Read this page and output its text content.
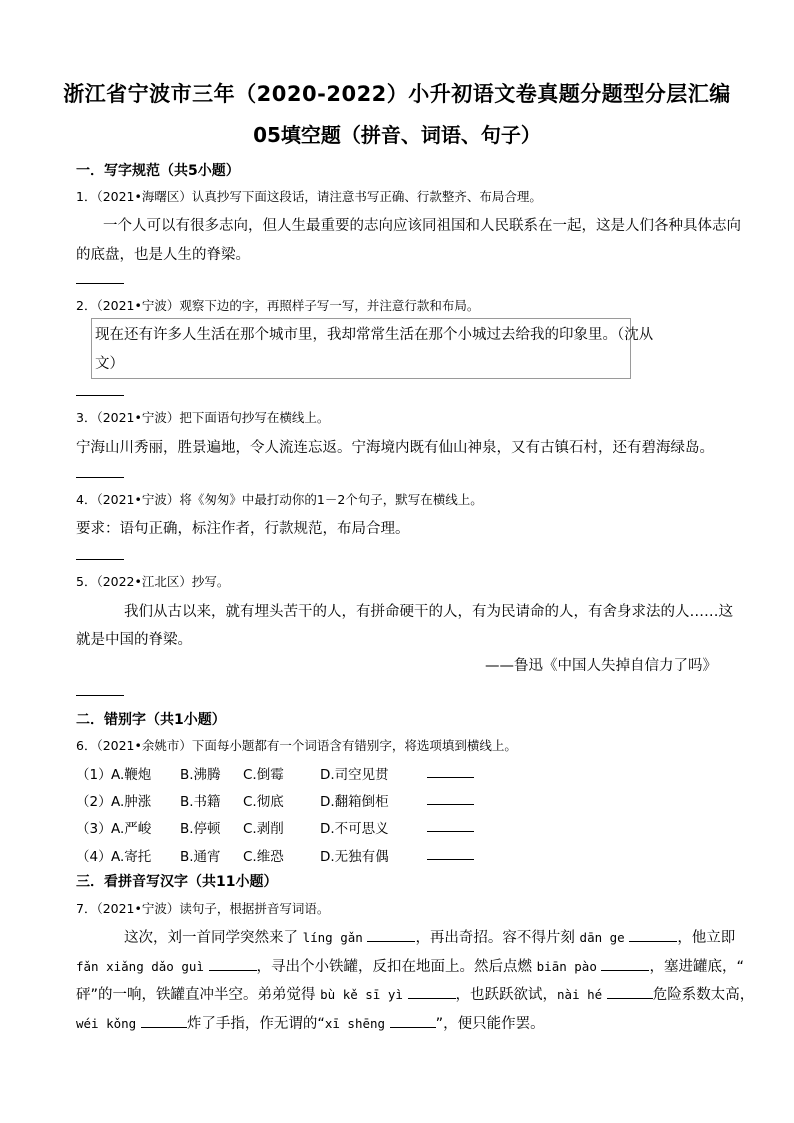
浙江省宁波市三年（2020-2022）小升初语文卷真题分题型分层汇编
05填空题（拼音、词语、句子）
一．写字规范（共5小题）
1．（2021•海曙区）认真抄写下面这段话，请注意书写正确、行款整齐、布局合理。
一个人可以有很多志向，但人生最重要的志向应该同祖国和人民联系在一起，这是人们各种具体志向
的底盘，也是人生的脊梁。
2．（2021•宁波）观察下边的字，再照样子写一写，并注意行款和布局。
现在还有许多人生活在那个城市里，我却常常生活在那个小城过去给我的印象里。（沈从
文）
3．（2021•宁波）把下面语句抄写在横线上。
宁海山川秀丽，胜景遍地，令人流连忘返。宁海境内既有仙山神泉，又有古镇石村，还有碧海绿岛。
4．（2021•宁波）将《匆匆》中最打动你的1－2个句子，默写在横线上。
要求：语句正确，标注作者，行款规范，布局合理。
5．（2022•江北区）抄写。
我们从古以来，就有埋头苦干的人，有拼命硬干的人，有为民请命的人，有舍身求法的人……这
就是中国的脊梁。
——鲁迅《中国人失掉自信力了吗》
二．错别字（共1小题）
6．（2021•余姚市）下面每小题都有一个词语含有错别字，将选项填到横线上。
（1） A.鞭炮 B.沸腾 C.倒霉	D.司空见贯
（2） A.肿涨 B.书籍 C.彻底	D.翻箱倒柜
（3） A.严峻 B.停顿 C.剥削	D.不可思义
（4） A.寄托 B.通宵 C.维恐	D.无独有偶
三．看拼音写汉字（共11小题）
7．（2021•宁波）读句子，根据拼音写词语。
这次，刘一首同学突然来了 líng gǎn	，再出奇招。容不得片刻 dān ge	，他立即
fǎn xiǎng dǎo guì	，寻出个小铁罐，反扣在地面上。然后点燃 biān pào	，塞进罐底，“
砰”的一响，铁罐直冲半空。弟弟觉得 bù kě sī yì	，也跃跃欲试，nài hé	危险系数太高，
wéi kǒng	炸了手指，作无谓的“xī shēng	”，便只能作罢。
